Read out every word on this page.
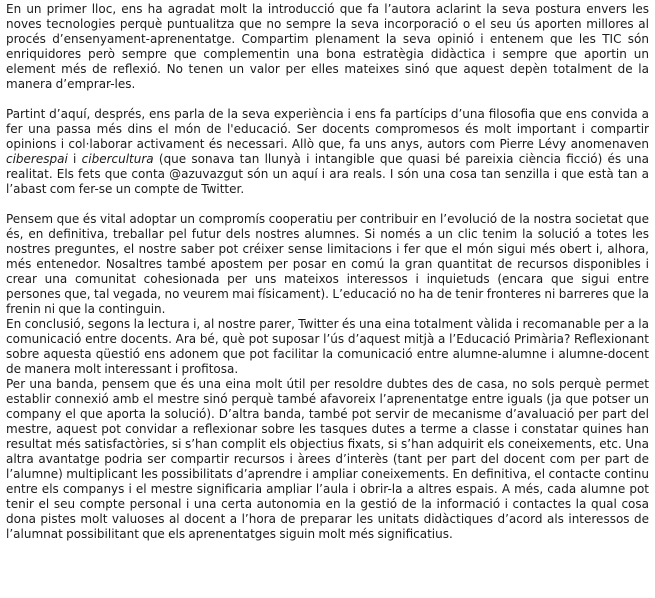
En un primer lloc, ens ha agradat molt la introducció que fa l’autora aclarint la seva postura envers les noves tecnologies perquè puntualitza que no sempre la seva incorporació o el seu ús aporten millores al procés d’ensenyament-aprenentatge. Compartim plenament la seva opinió i entenem que les TIC són enriquidores però sempre que complementin una bona estratègia didàctica i sempre que aportin un element més de reflexió. No tenen un valor per elles mateixes sinó que aquest depèn totalment de la manera d’emprar-les.

Partint d’aquí, després, ens parla de la seva experiència i ens fa partícips d’una filosofia que ens convida a fer una passa més dins el món de l'educació. Ser docents compromesos és molt important i compartir opinions i col·laborar activament és necessari. Allò que, fa uns anys, autors com Pierre Lévy anomenaven ciberespai i cibercultura (que sonava tan llunyà i intangible que quasi bé pareixia ciència ficció) és una realitat. Els fets que conta @azuvazgut són un aquí i ara reals. I són una cosa tan senzilla i que està tan a l’abast com fer-se un compte de Twitter.

Pensem que és vital adoptar un compromís cooperatiu per contribuir en l’evolució de la nostra societat que és, en definitiva, treballar pel futur dels nostres alumnes. Si només a un clic tenim la solució a totes les nostres preguntes, el nostre saber pot créixer sense limitacions i fer que el món sigui més obert i, alhora, més entenedor. Nosaltres també apostem per posar en comú la gran quantitat de recursos disponibles i crear una comunitat cohesionada per uns mateixos interessos i inquietuds (encara que sigui entre persones que, tal vegada, no veurem mai físicament). L’educació no ha de tenir fronteres ni barreres que la frenin ni que la continguin.

En conclusió, segons la lectura i, al nostre parer, Twitter és una eina totalment vàlida i recomanable per a la comunicació entre docents. Ara bé, què pot suposar l’ús d’aquest mitjà a l’Educació Primària? Reflexionant sobre aquesta qüestió ens adonem que pot facilitar la comunicació entre alumne-alumne i alumne-docent de manera molt interessant i profitosa.

Per una banda, pensem que és una eina molt útil per resoldre dubtes des de casa, no sols perquè permet establir connexió amb el mestre sinó perquè també afavoreix l’aprenentatge entre iguals (ja que potser un company el que aporta la solució). D’altra banda, també pot servir de mecanisme d’avaluació per part del mestre, aquest pot convidar a reflexionar sobre les tasques dutes a terme a classe i constatar quines han resultat més satisfactòries, si s’han complit els objectius fixats, si s’han adquirit els coneixements, etc. Una altra avantatge podria ser compartir recursos i àrees d’interès (tant per part del docent com per part de l’alumne) multiplicant les possibilitats d’aprendre i ampliar coneixements. En definitiva, el contacte continu entre els companys i el mestre significaria ampliar l’aula i obrir-la a altres espais. A més, cada alumne pot tenir el seu compte personal i una certa autonomia en la gestió de la informació i contactes la qual cosa dona pistes molt valuoses al docent a l’hora de preparar les unitats didàctiques d’acord als interessos de l’alumnat possibilitant que els aprenentatges siguin molt més significatius.
